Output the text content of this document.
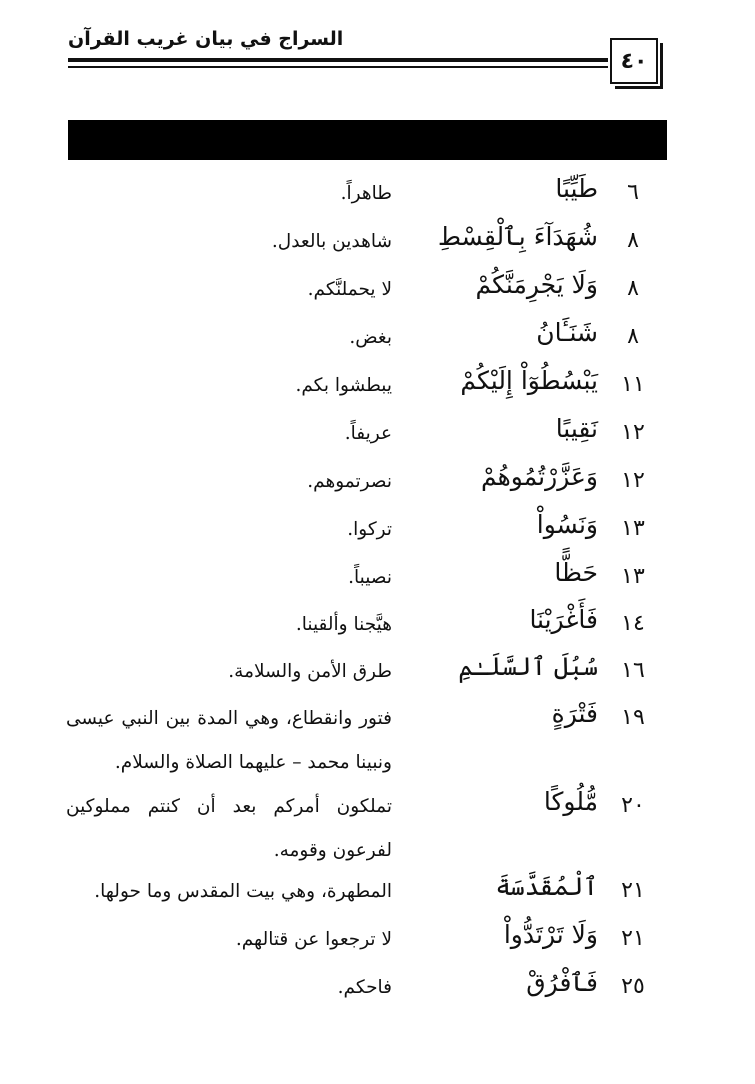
السراج في بيان غريب القرآن
٤٠
٦
طَيِّبًا
طاهراً.
٨
شُهَدَآءَ بِٱلْقِسْطِ
شاهدين بالعدل.
٨
وَلَا يَجْرِمَنَّكُمْ
لا يحملنَّكم.
٨
شَنَـَٔانُ
بغض.
١١
يَبْسُطُوٓاْ إِلَيْكُمْ
يبطشوا بكم.
١٢
نَقِيبًا
عريفاً.
١٢
وَعَزَّرْتُمُوهُمْ
نصرتموهم.
١٣
وَنَسُواْ
تركوا.
١٣
حَظًّا
نصيباً.
١٤
فَأَغْرَيْنَا
هيَّجنا وألقينا.
١٦
سُبُلَ ٱلسَّلَـٰمِ
طرق الأمن والسلامة.
١٩
فَتْرَةٍ
فتور وانقطاع، وهي المدة بين النبي عيسى ونبينا محمد – عليهما الصلاة والسلام.
٢٠
مُّلُوكًا
تملكون أمركم بعد أن كنتم مملوكين لفرعون وقومه.
٢١
ٱلْمُقَدَّسَةَ
المطهرة، وهي بيت المقدس وما حولها.
٢١
وَلَا تَرْتَدُّواْ
لا ترجعوا عن قتالهم.
٢٥
فَٱفْرُقْ
فاحكم.
